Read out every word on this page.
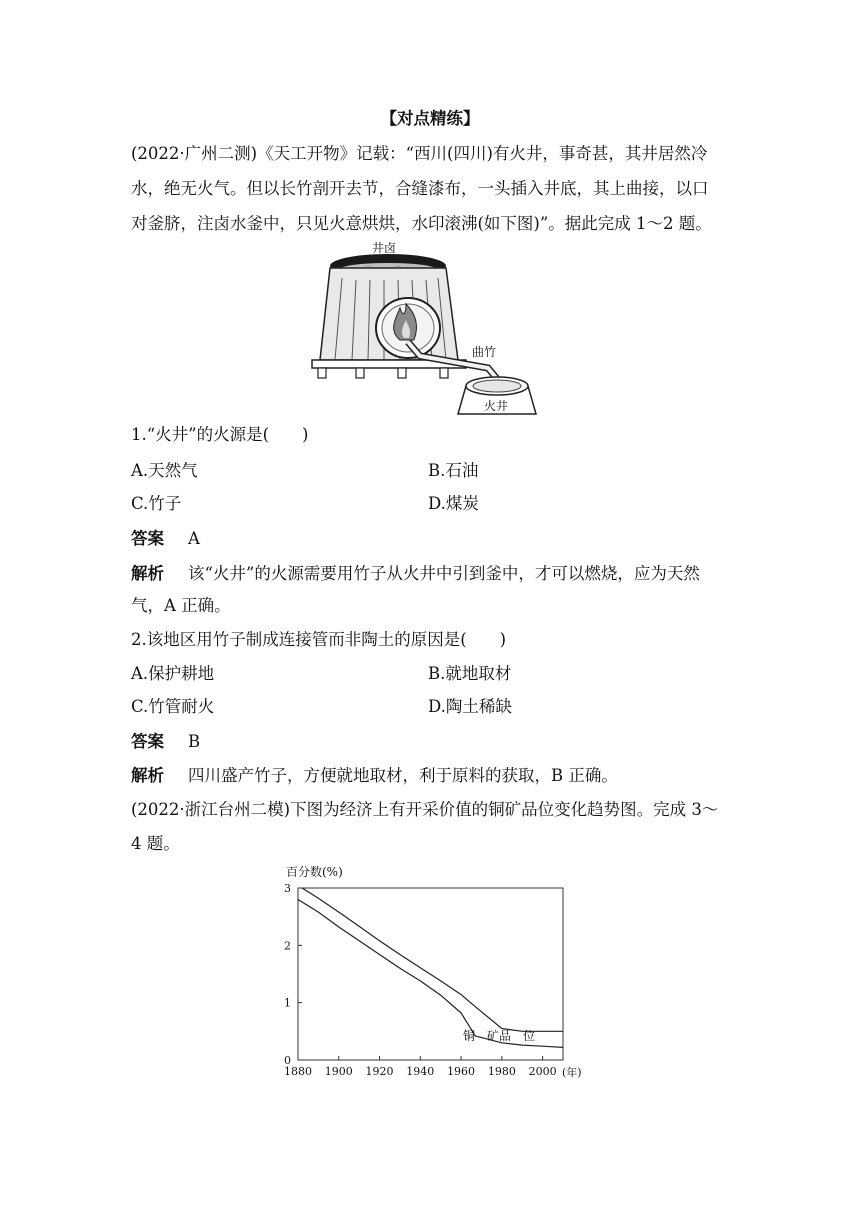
【对点精练】
(2022·广州二测)《天工开物》记载：“西川(四川)有火井，事奇甚，其井居然冷
水，绝无火气。但以长竹剖开去节，合缝漆布，一头插入井底，其上曲接，以口
对釜脐，注卤水釜中，只见火意烘烘，水印滚沸(如下图)”。据此完成 1～2 题。
井卤
曲竹
火井
1.“火井”的火源是(　　)
A.天然气	B.石油
C.竹子	D.煤炭
答案 A
解析 该“火井”的火源需要用竹子从火井中引到釜中，才可以燃烧，应为天然
气，A 正确。
2.该地区用竹子制成连接管而非陶土的原因是(　　)
A.保护耕地	B.就地取材
C.竹管耐火	D.陶土稀缺
答案 B
解析 四川盛产竹子，方便就地取材，利于原料的获取，B 正确。
(2022·浙江台州二模)下图为经济上有开采价值的铜矿品位变化趋势图。完成 3～
4 题。
百分数(%)
1880 1900 1920 1940 1960 1980 2000
0
1
2
3
(年)
铜　矿品　位
